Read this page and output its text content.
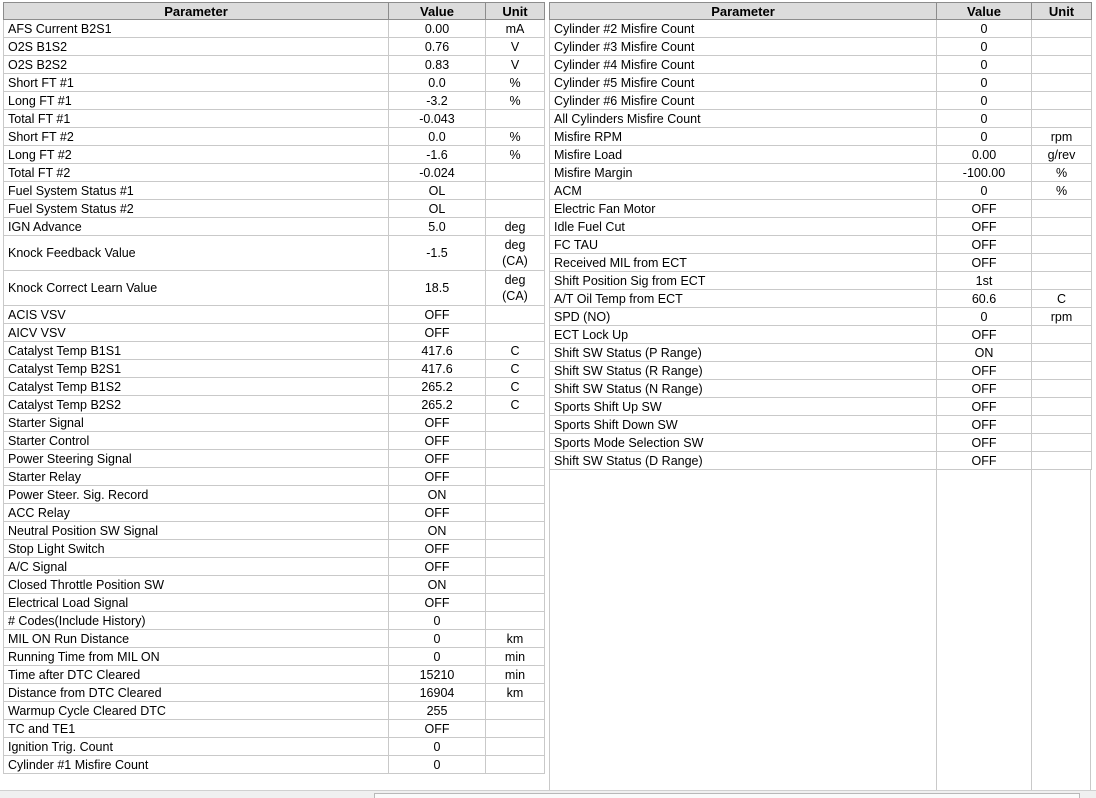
Parameter	Value	Unit
AFS Current B2S1	0.00	mA
O2S B1S2	0.76	V
O2S B2S2	0.83	V
Short FT #1	0.0	%
Long FT #1	-3.2	%
Total FT #1	-0.043	
Short FT #2	0.0	%
Long FT #2	-1.6	%
Total FT #2	-0.024	
Fuel System Status #1	OL	
Fuel System Status #2	OL	
IGN Advance	5.0	deg
Knock Feedback Value	-1.5	deg
(CA)
Knock Correct Learn Value	18.5	deg
(CA)
ACIS VSV	OFF	
AICV VSV	OFF	
Catalyst Temp B1S1	417.6	C
Catalyst Temp B2S1	417.6	C
Catalyst Temp B1S2	265.2	C
Catalyst Temp B2S2	265.2	C
Starter Signal	OFF	
Starter Control	OFF	
Power Steering Signal	OFF	
Starter Relay	OFF	
Power Steer. Sig. Record	ON	
ACC Relay	OFF	
Neutral Position SW Signal	ON	
Stop Light Switch	OFF	
A/C Signal	OFF	
Closed Throttle Position SW	ON	
Electrical Load Signal	OFF	
# Codes(Include History)	0	
MIL ON Run Distance	0	km
Running Time from MIL ON	0	min
Time after DTC Cleared	15210	min
Distance from DTC Cleared	16904	km
Warmup Cycle Cleared DTC	255	
TC and TE1	OFF	
Ignition Trig. Count	0	
Cylinder #1 Misfire Count	0	
Parameter	Value	Unit
Cylinder #2 Misfire Count	0	
Cylinder #3 Misfire Count	0	
Cylinder #4 Misfire Count	0	
Cylinder #5 Misfire Count	0	
Cylinder #6 Misfire Count	0	
All Cylinders Misfire Count	0	
Misfire RPM	0	rpm
Misfire Load	0.00	g/rev
Misfire Margin	-100.00	%
ACM	0	%
Electric Fan Motor	OFF	
Idle Fuel Cut	OFF	
FC TAU	OFF	
Received MIL from ECT	OFF	
Shift Position Sig from ECT	1st	
A/T Oil Temp from ECT	60.6	C
SPD (NO)	0	rpm
ECT Lock Up	OFF	
Shift SW Status (P Range)	ON	
Shift SW Status (R Range)	OFF	
Shift SW Status (N Range)	OFF	
Sports Shift Up SW	OFF	
Sports Shift Down SW	OFF	
Sports Mode Selection SW	OFF	
Shift SW Status (D Range)	OFF	
